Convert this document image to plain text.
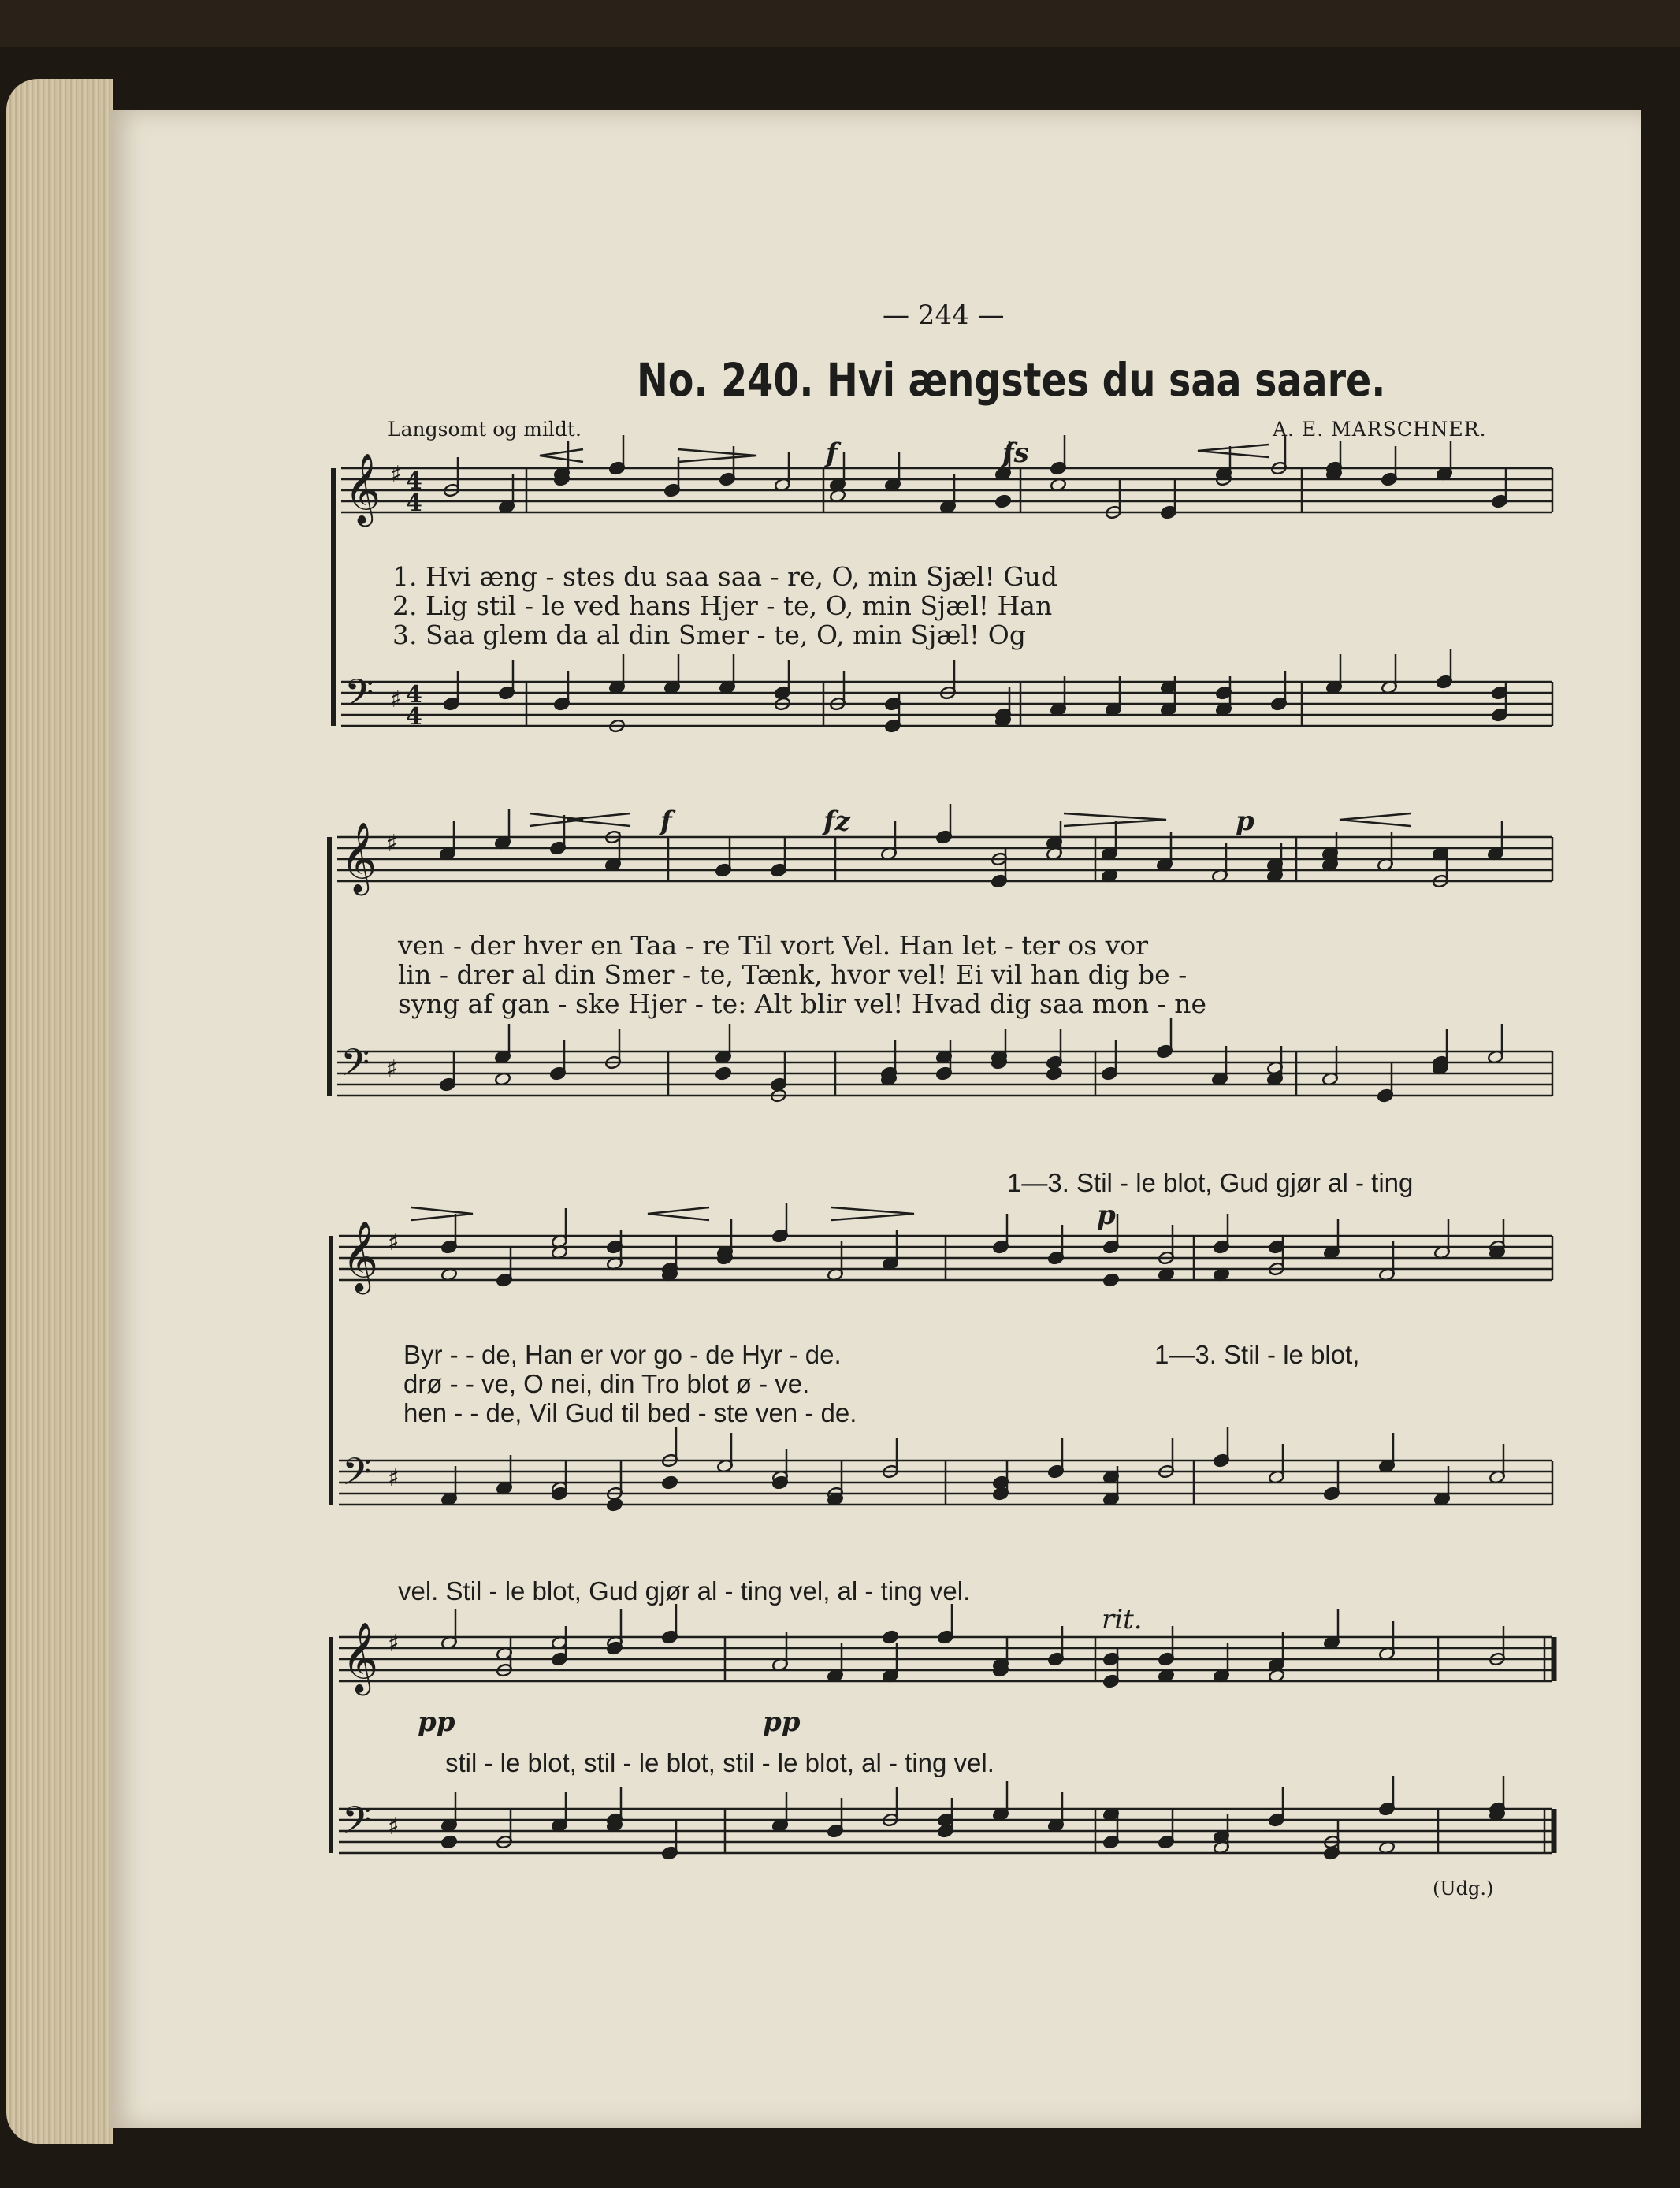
𝄞 ♯ 4
4
𝄢 ♯ 4
4
𝄞 ♯
𝄢 ♯
𝄞 ♯
𝄢 ♯
𝄞 ♯
𝄢 ♯
— 244 —
No. 240. Hvi ængstes du saa saare.
Langsomt og mildt.	A. E. MARSCHNER.
1. Hvi æng - stes du saa saa - re, O, min Sjæl! Gud
2. Lig stil - le ved hans Hjer - te, O, min Sjæl! Han
3. Saa glem da al din Smer - te, O, min Sjæl! Og
ven - der hver en Taa - re Til vort Vel. Han let - ter os vor
lin - drer al din Smer - te, Tænk, hvor vel! Ei vil han dig be -
syng af gan - ske Hjer - te: Alt blir vel! Hvad dig saa mon - ne
1—3. Stil - le blot, Gud gjør al - ting
Byr - - de, Han er vor go - de Hyr - de.
drø - - ve, O nei, din Tro blot ø - ve.
hen - - de, Vil Gud til bed - ste ven - de.
1—3. Stil - le blot,
vel. Stil - le blot, Gud gjør al - ting vel, al - ting vel.
stil - le blot, stil - le blot, stil - le blot, al - ting vel.
f	fs
f	fz	p
p
pp	pp
rit.
(Udg.)
